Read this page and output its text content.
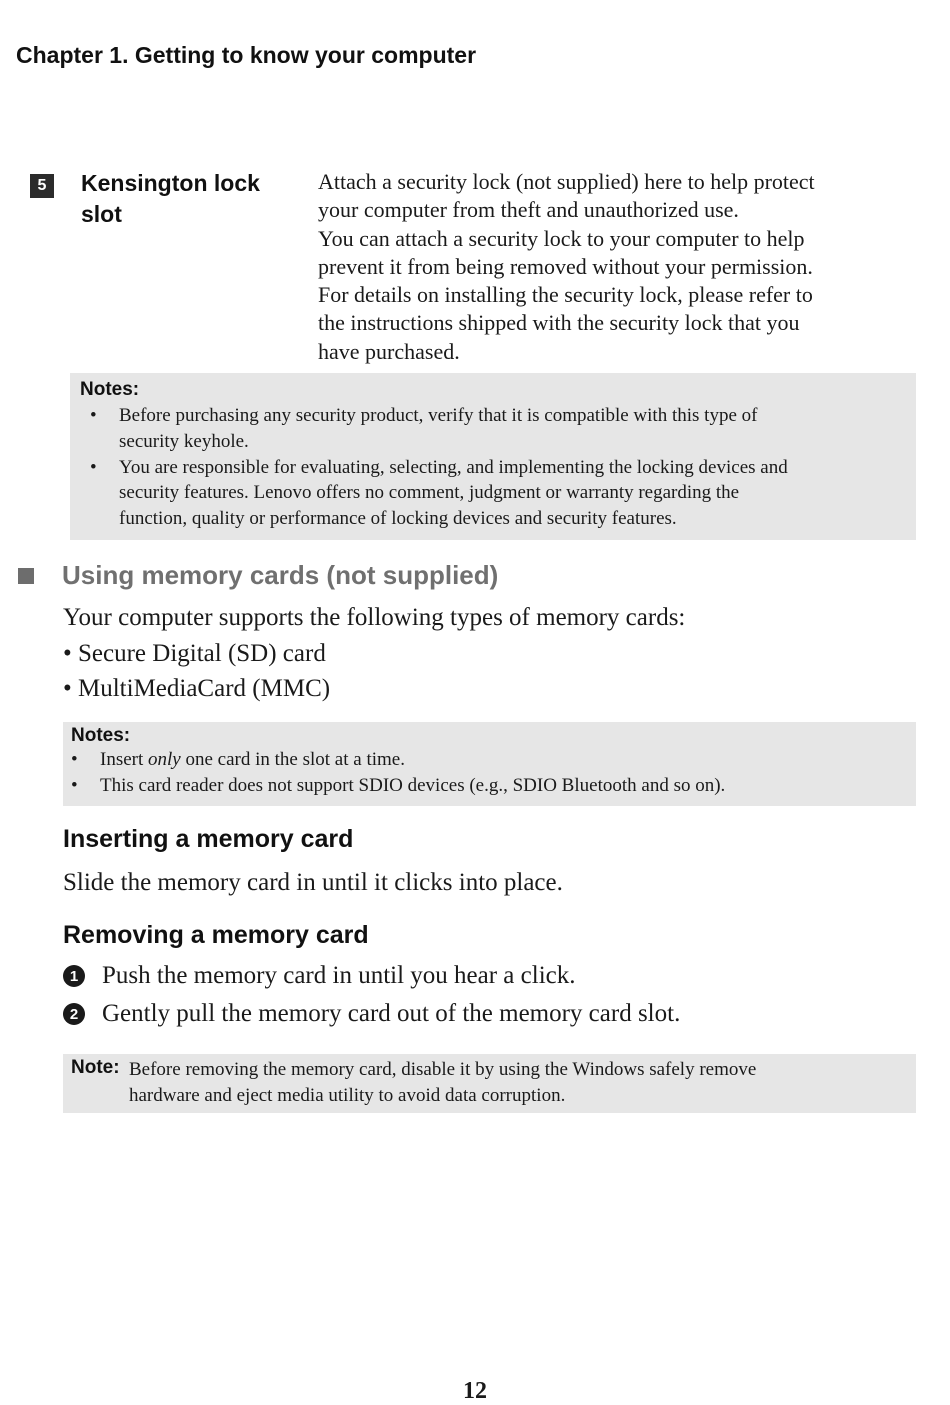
Chapter 1. Getting to know your computer
5	Kensington lock
slot
Attach a security lock (not supplied) here to help protect
your computer from theft and unauthorized use.
You can attach a security lock to your computer to help
prevent it from being removed without your permission.
For details on installing the security lock, please refer to
the instructions shipped with the security lock that you
have purchased.
Notes:
• Before purchasing any security product, verify that it is compatible with this type of
security keyhole.
• You are responsible for evaluating, selecting, and implementing the locking devices and
security features. Lenovo offers no comment, judgment or warranty regarding the
function, quality or performance of locking devices and security features.
Using memory cards (not supplied)
Your computer supports the following types of memory cards:
• Secure Digital (SD) card
• MultiMediaCard (MMC)
Notes:
• Insert only one card in the slot at a time.
• This card reader does not support SDIO devices (e.g., SDIO Bluetooth and so on).
Inserting a memory card
Slide the memory card in until it clicks into place.
Removing a memory card
1 Push the memory card in until you hear a click.
2 Gently pull the memory card out of the memory card slot.
Note: Before removing the memory card, disable it by using the Windows safely remove
hardware and eject media utility to avoid data corruption.
12
